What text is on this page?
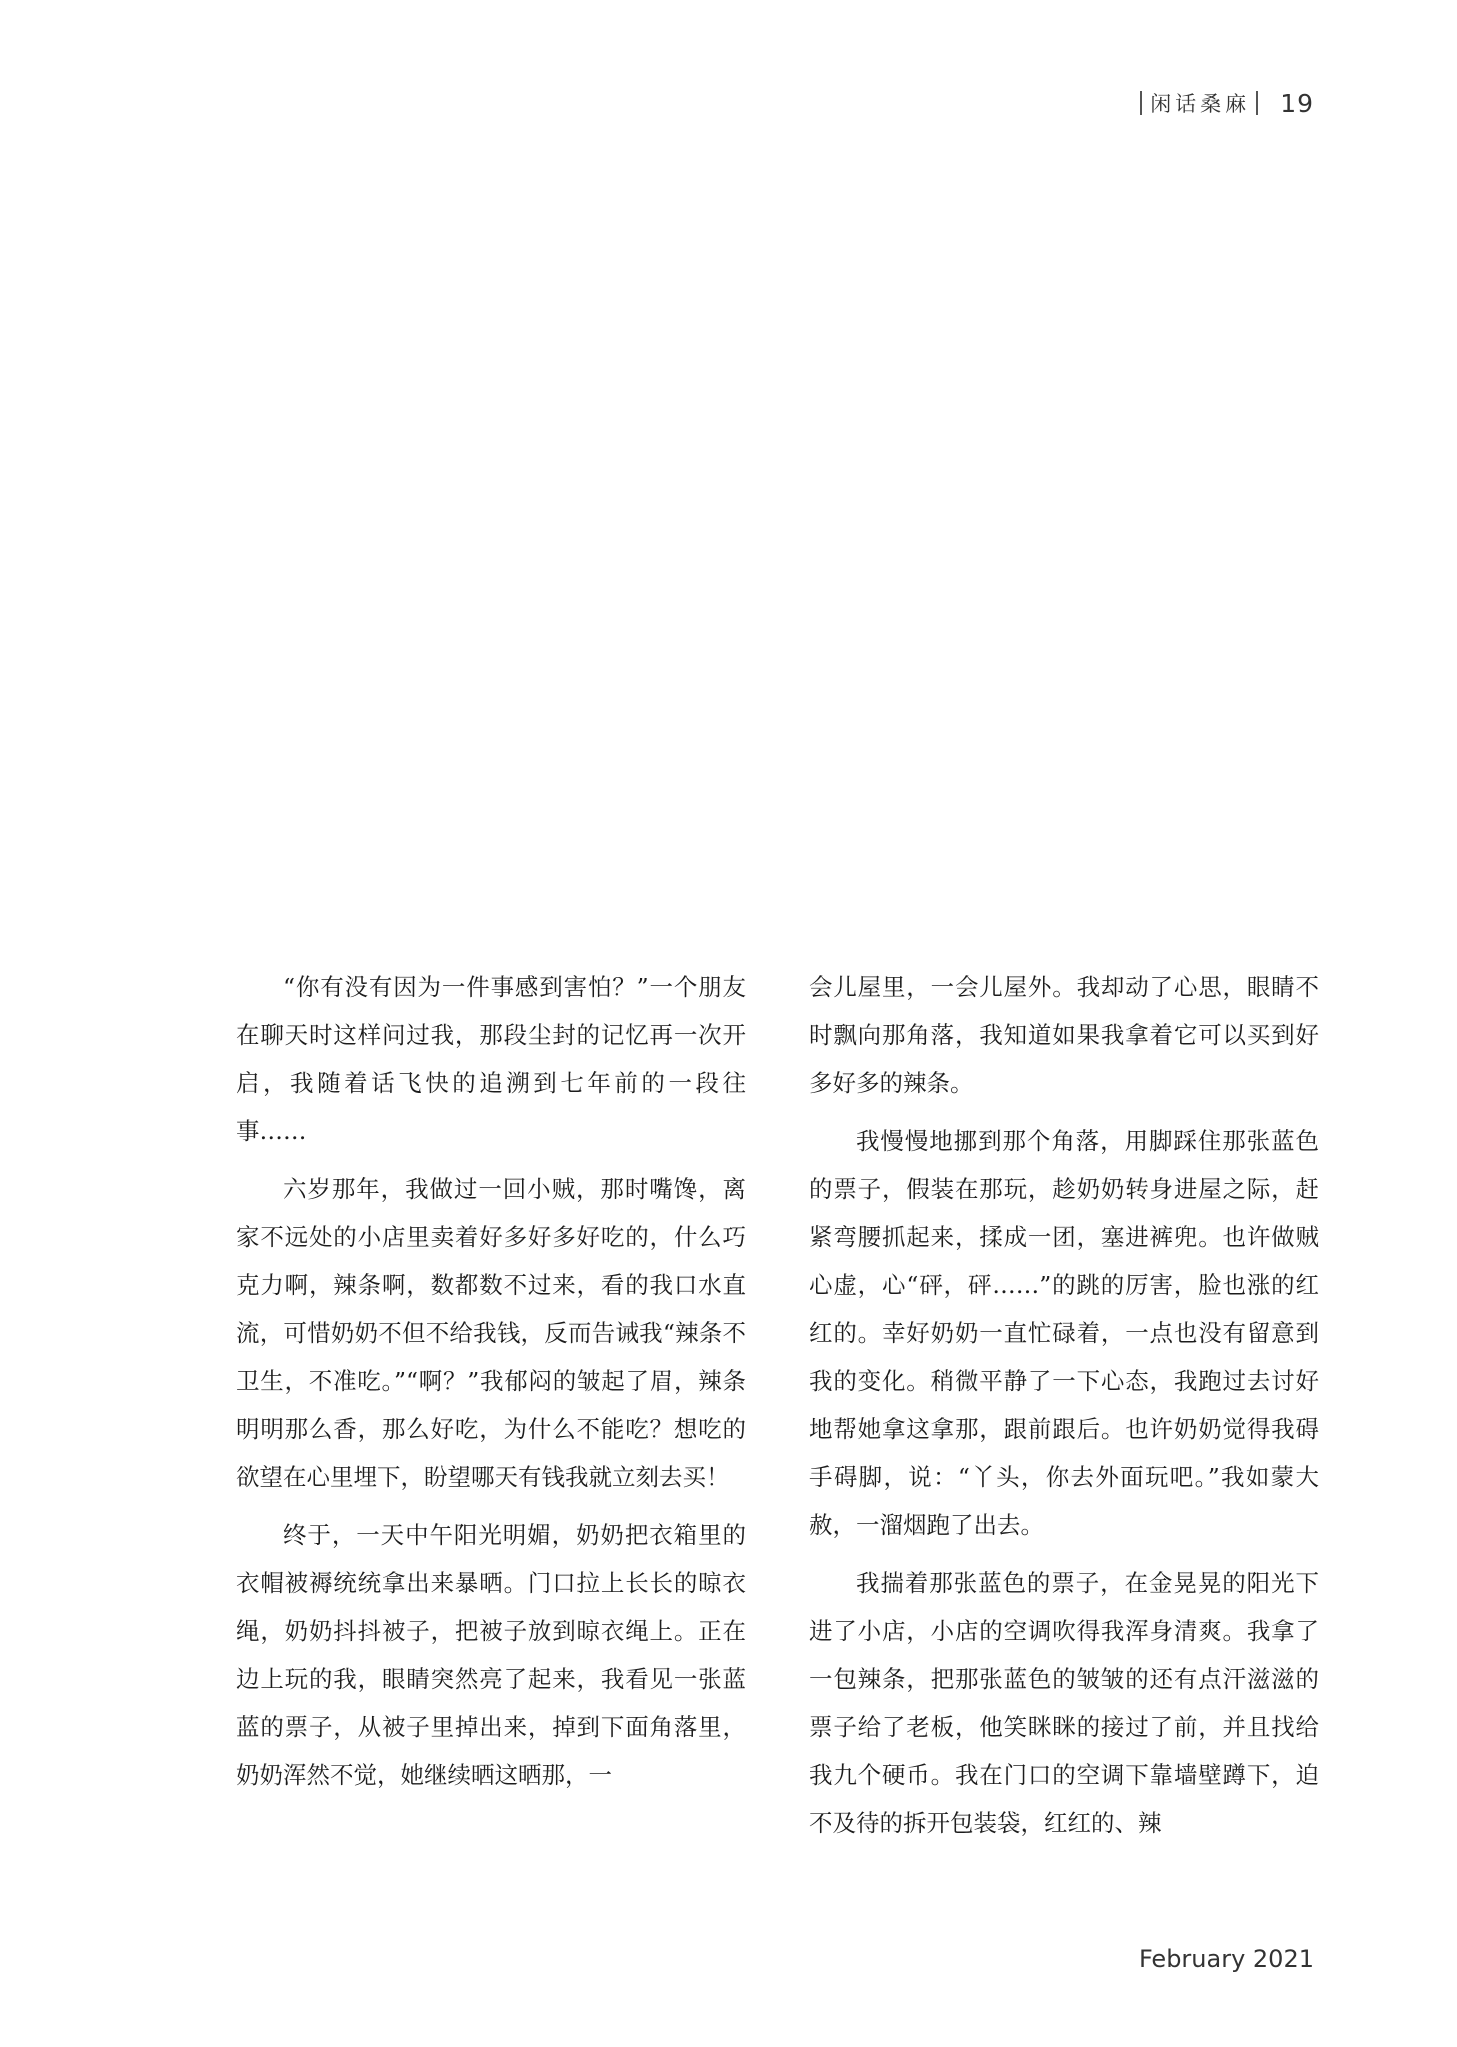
闲话桑麻 19

“你有没有因为一件事感到害怕？”一个朋友在聊天时这样问过我，那段尘封的记忆再一次开启，我随着话飞快的追溯到七年前的一段往事……

六岁那年，我做过一回小贼，那时嘴馋，离家不远处的小店里卖着好多好多好吃的，什么巧克力啊，辣条啊，数都数不过来，看的我口水直流，可惜奶奶不但不给我钱，反而告诫我“辣条不卫生，不准吃。”“啊？”我郁闷的皱起了眉，辣条明明那么香，那么好吃，为什么不能吃？想吃的欲望在心里埋下，盼望哪天有钱我就立刻去买！

终于，一天中午阳光明媚，奶奶把衣箱里的衣帽被褥统统拿出来暴晒。门口拉上长长的晾衣绳，奶奶抖抖被子，把被子放到晾衣绳上。正在边上玩的我，眼睛突然亮了起来，我看见一张蓝蓝的票子，从被子里掉出来，掉到下面角落里，奶奶浑然不觉，她继续晒这晒那，一

会儿屋里，一会儿屋外。我却动了心思，眼睛不时飘向那角落，我知道如果我拿着它可以买到好多好多的辣条。

我慢慢地挪到那个角落，用脚踩住那张蓝色的票子，假装在那玩，趁奶奶转身进屋之际，赶紧弯腰抓起来，揉成一团，塞进裤兜。也许做贼心虚，心“砰，砰……”的跳的厉害，脸也涨的红红的。幸好奶奶一直忙碌着，一点也没有留意到我的变化。稍微平静了一下心态，我跑过去讨好地帮她拿这拿那，跟前跟后。也许奶奶觉得我碍手碍脚，说：“丫头，你去外面玩吧。”我如蒙大赦，一溜烟跑了出去。

我揣着那张蓝色的票子，在金晃晃的阳光下进了小店，小店的空调吹得我浑身清爽。我拿了一包辣条，把那张蓝色的皱皱的还有点汗滋滋的票子给了老板，他笑眯眯的接过了前，并且找给我九个硬币。我在门口的空调下靠墙壁蹲下，迫不及待的拆开包装袋，红红的、辣

February 2021
